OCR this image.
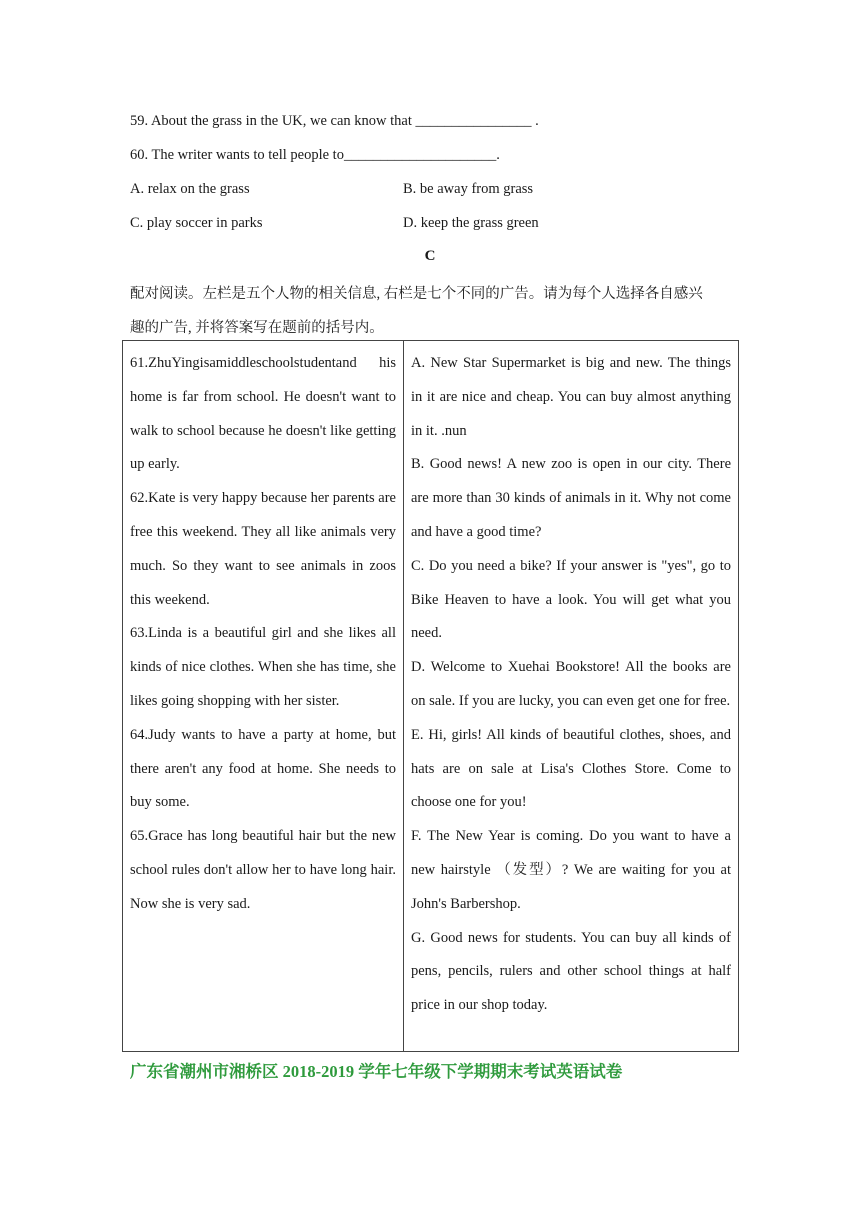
59. About the grass in the UK, we can know that ________________ .
60. The writer wants to tell people to_____________________.
A. relax on the grass	B. be away from grass
C. play soccer in parks	D. keep the grass green
C
配对阅读。左栏是五个人物的相关信息, 右栏是七个不同的广告。请为每个人选择各自感兴
趣的广告, 并将答案写在题前的括号内。

61.ZhuYingisamiddleschoolstudentand his home is far from school. He doesn't want to walk to school because he doesn't like getting up early.

62.Kate is very happy because her parents are free this weekend. They all like animals very much. So they want to see animals in zoos this weekend.

63.Linda is a beautiful girl and she likes all kinds of nice clothes. When she has time, she likes going shopping with her sister.

64.Judy wants to have a party at home, but there aren't any food at home. She needs to buy some.

65.Grace has long beautiful hair but the new school rules don't allow her to have long hair. Now she is very sad.

A. New Star Supermarket is big and new. The things in it are nice and cheap. You can buy almost anything in it. .nun

B. Good news! A new zoo is open in our city. There are more than 30 kinds of animals in it. Why not come and have a good time?

C. Do you need a bike? If your answer is "yes", go to Bike Heaven to have a look. You will get what you need.

D. Welcome to Xuehai Bookstore! All the books are on sale. If you are lucky, you can even get one for free.

E. Hi, girls! All kinds of beautiful clothes, shoes, and hats are on sale at Lisa's Clothes Store. Come to choose one for you!

F. The New Year is coming. Do you want to have a new hairstyle （发型）? We are waiting for you at John's Barbershop.

G. Good news for students. You can buy all kinds of pens, pencils, rulers and other school things at half price in our shop today.

广东省潮州市湘桥区 2018-2019 学年七年级下学期期末考试英语试卷
